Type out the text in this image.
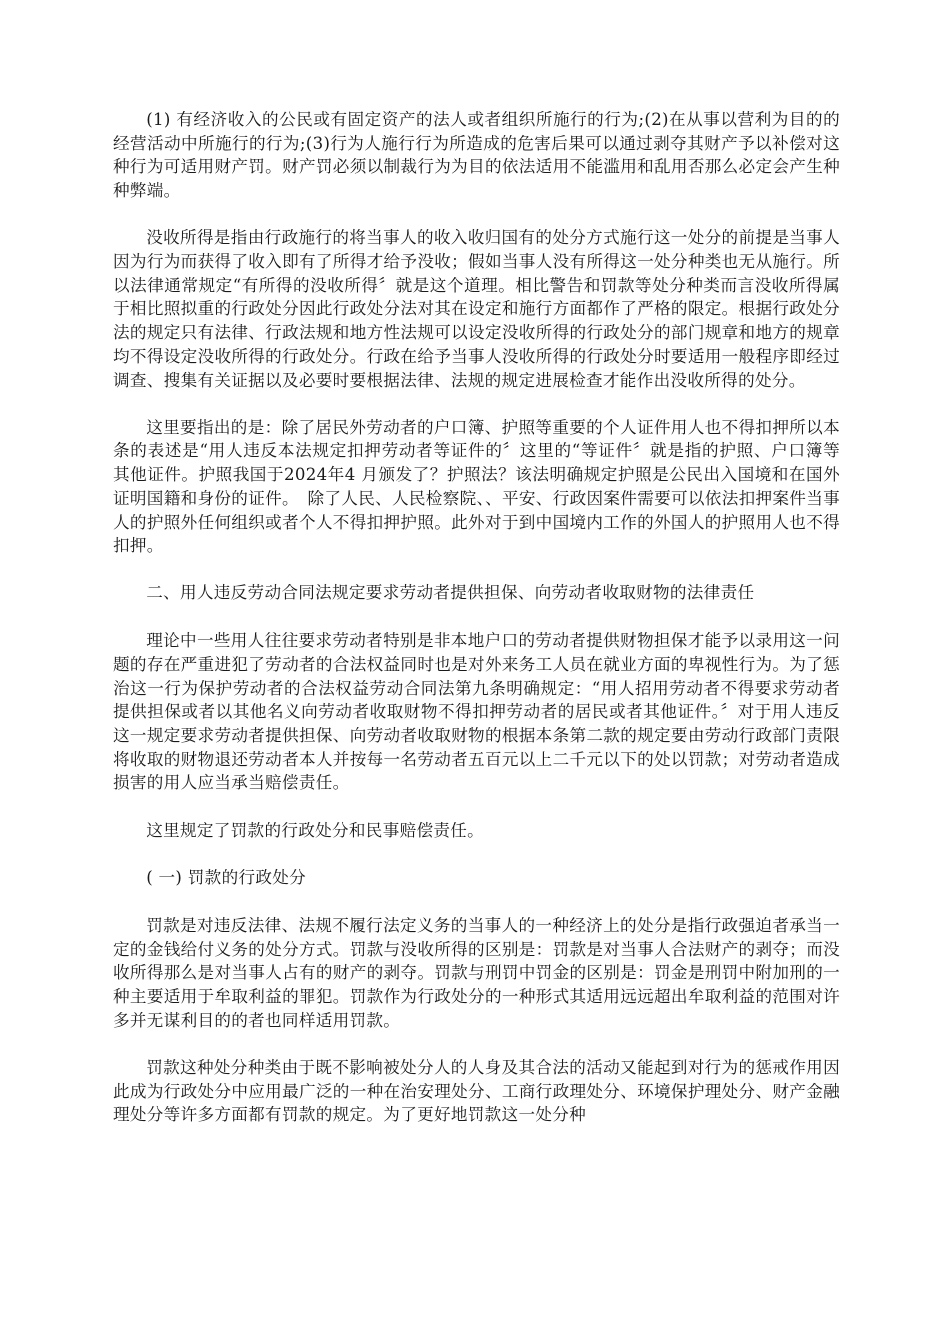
(1) 有经济收入的公民或有固定资产的法人或者组织所施行的行为;(2)在从事以营利为目的的经营活动中所施行的行为;(3)行为人施行行为所造成的危害后果可以通过剥夺其财产予以补偿对这种行为可适用财产罚。财产罚必须以制裁行为为目的依法适用不能滥用和乱用否那么必定会产生种种弊端。

没收所得是指由行政施行的将当事人的收入收归国有的处分方式施行这一处分的前提是当事人因为行为而获得了收入即有了所得才给予没收；假如当事人没有所得这一处分种类也无从施行。所以法律通常规定“有所得的没收所得〞就是这个道理。相比警告和罚款等处分种类而言没收所得属于相比照拟重的行政处分因此行政处分法对其在设定和施行方面都作了严格的限定。根据行政处分法的规定只有法律、行政法规和地方性法规可以设定没收所得的行政处分的部门规章和地方的规章均不得设定没收所得的行政处分。行政在给予当事人没收所得的行政处分时要适用一般程序即经过调查、搜集有关证据以及必要时要根据法律、法规的规定进展检查才能作出没收所得的处分。

这里要指出的是：除了居民外劳动者的户口簿、护照等重要的个人证件用人也不得扣押所以本条的表述是“用人违反本法规定扣押劳动者等证件的〞这里的“等证件〞就是指的护照、户口簿等其他证件。护照我国于2024年4 月颁发了？护照法？该法明确规定护照是公民出入国境和在国外证明国籍和身份的证件。　除了人民、人民检察院、、平安、行政因案件需要可以依法扣押案件当事人的护照外任何组织或者个人不得扣押护照。此外对于到中国境内工作的外国人的护照用人也不得扣押。

二、用人违反劳动合同法规定要求劳动者提供担保、向劳动者收取财物的法律责任

理论中一些用人往往要求劳动者特别是非本地户口的劳动者提供财物担保才能予以录用这一问题的存在严重进犯了劳动者的合法权益同时也是对外来务工人员在就业方面的卑视性行为。为了惩治这一行为保护劳动者的合法权益劳动合同法第九条明确规定：“用人招用劳动者不得要求劳动者提供担保或者以其他名义向劳动者收取财物不得扣押劳动者的居民或者其他证件。〞对于用人违反这一规定要求劳动者提供担保、向劳动者收取财物的根据本条第二款的规定要由劳动行政部门责限将收取的财物退还劳动者本人并按每一名劳动者五百元以上二千元以下的处以罚款；对劳动者造成损害的用人应当承当赔偿责任。

这里规定了罚款的行政处分和民事赔偿责任。

( 一) 罚款的行政处分

罚款是对违反法律、法规不履行法定义务的当事人的一种经济上的处分是指行政强迫者承当一定的金钱给付义务的处分方式。罚款与没收所得的区别是：罚款是对当事人合法财产的剥夺；而没收所得那么是对当事人占有的财产的剥夺。罚款与刑罚中罚金的区别是：罚金是刑罚中附加刑的一种主要适用于牟取利益的罪犯。罚款作为行政处分的一种形式其适用远远超出牟取利益的范围对许多并无谋利目的的者也同样适用罚款。

罚款这种处分种类由于既不影响被处分人的人身及其合法的活动又能起到对行为的惩戒作用因此成为行政处分中应用最广泛的一种在治安理处分、工商行政理处分、环境保护理处分、财产金融理处分等许多方面都有罚款的规定。为了更好地罚款这一处分种
